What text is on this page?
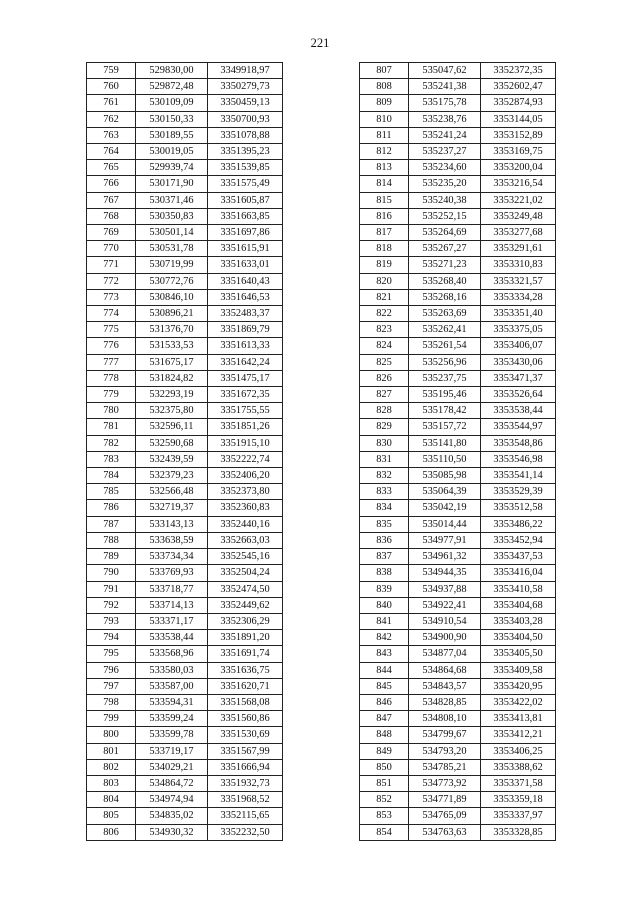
221
759	529830,00	3349918,97
760	529872,48	3350279,73
761	530109,09	3350459,13
762	530150,33	3350700,93
763	530189,55	3351078,88
764	530019,05	3351395,23
765	529939,74	3351539,85
766	530171,90	3351575,49
767	530371,46	3351605,87
768	530350,83	3351663,85
769	530501,14	3351697,86
770	530531,78	3351615,91
771	530719,99	3351633,01
772	530772,76	3351640,43
773	530846,10	3351646,53
774	530896,21	3352483,37
775	531376,70	3351869,79
776	531533,53	3351613,33
777	531675,17	3351642,24
778	531824,82	3351475,17
779	532293,19	3351672,35
780	532375,80	3351755,55
781	532596,11	3351851,26
782	532590,68	3351915,10
783	532439,59	3352222,74
784	532379,23	3352406,20
785	532566,48	3352373,80
786	532719,37	3352360,83
787	533143,13	3352440,16
788	533638,59	3352663,03
789	533734,34	3352545,16
790	533769,93	3352504,24
791	533718,77	3352474,50
792	533714,13	3352449,62
793	533371,17	3352306,29
794	533538,44	3351891,20
795	533568,96	3351691,74
796	533580,03	3351636,75
797	533587,00	3351620,71
798	533594,31	3351568,08
799	533599,24	3351560,86
800	533599,78	3351530,69
801	533719,17	3351567,99
802	534029,21	3351666,94
803	534864,72	3351932,73
804	534974,94	3351968,52
805	534835,02	3352115,65
806	534930,32	3352232,50
807	535047,62	3352372,35
808	535241,38	3352602,47
809	535175,78	3352874,93
810	535238,76	3353144,05
811	535241,24	3353152,89
812	535237,27	3353169,75
813	535234,60	3353200,04
814	535235,20	3353216,54
815	535240,38	3353221,02
816	535252,15	3353249,48
817	535264,69	3353277,68
818	535267,27	3353291,61
819	535271,23	3353310,83
820	535268,40	3353321,57
821	535268,16	3353334,28
822	535263,69	3353351,40
823	535262,41	3353375,05
824	535261,54	3353406,07
825	535256,96	3353430,06
826	535237,75	3353471,37
827	535195,46	3353526,64
828	535178,42	3353538,44
829	535157,72	3353544,97
830	535141,80	3353548,86
831	535110,50	3353546,98
832	535085,98	3353541,14
833	535064,39	3353529,39
834	535042,19	3353512,58
835	535014,44	3353486,22
836	534977,91	3353452,94
837	534961,32	3353437,53
838	534944,35	3353416,04
839	534937,88	3353410,58
840	534922,41	3353404,68
841	534910,54	3353403,28
842	534900,90	3353404,50
843	534877,04	3353405,50
844	534864,68	3353409,58
845	534843,57	3353420,95
846	534828,85	3353422,02
847	534808,10	3353413,81
848	534799,67	3353412,21
849	534793,20	3353406,25
850	534785,21	3353388,62
851	534773,92	3353371,58
852	534771,89	3353359,18
853	534765,09	3353337,97
854	534763,63	3353328,85
